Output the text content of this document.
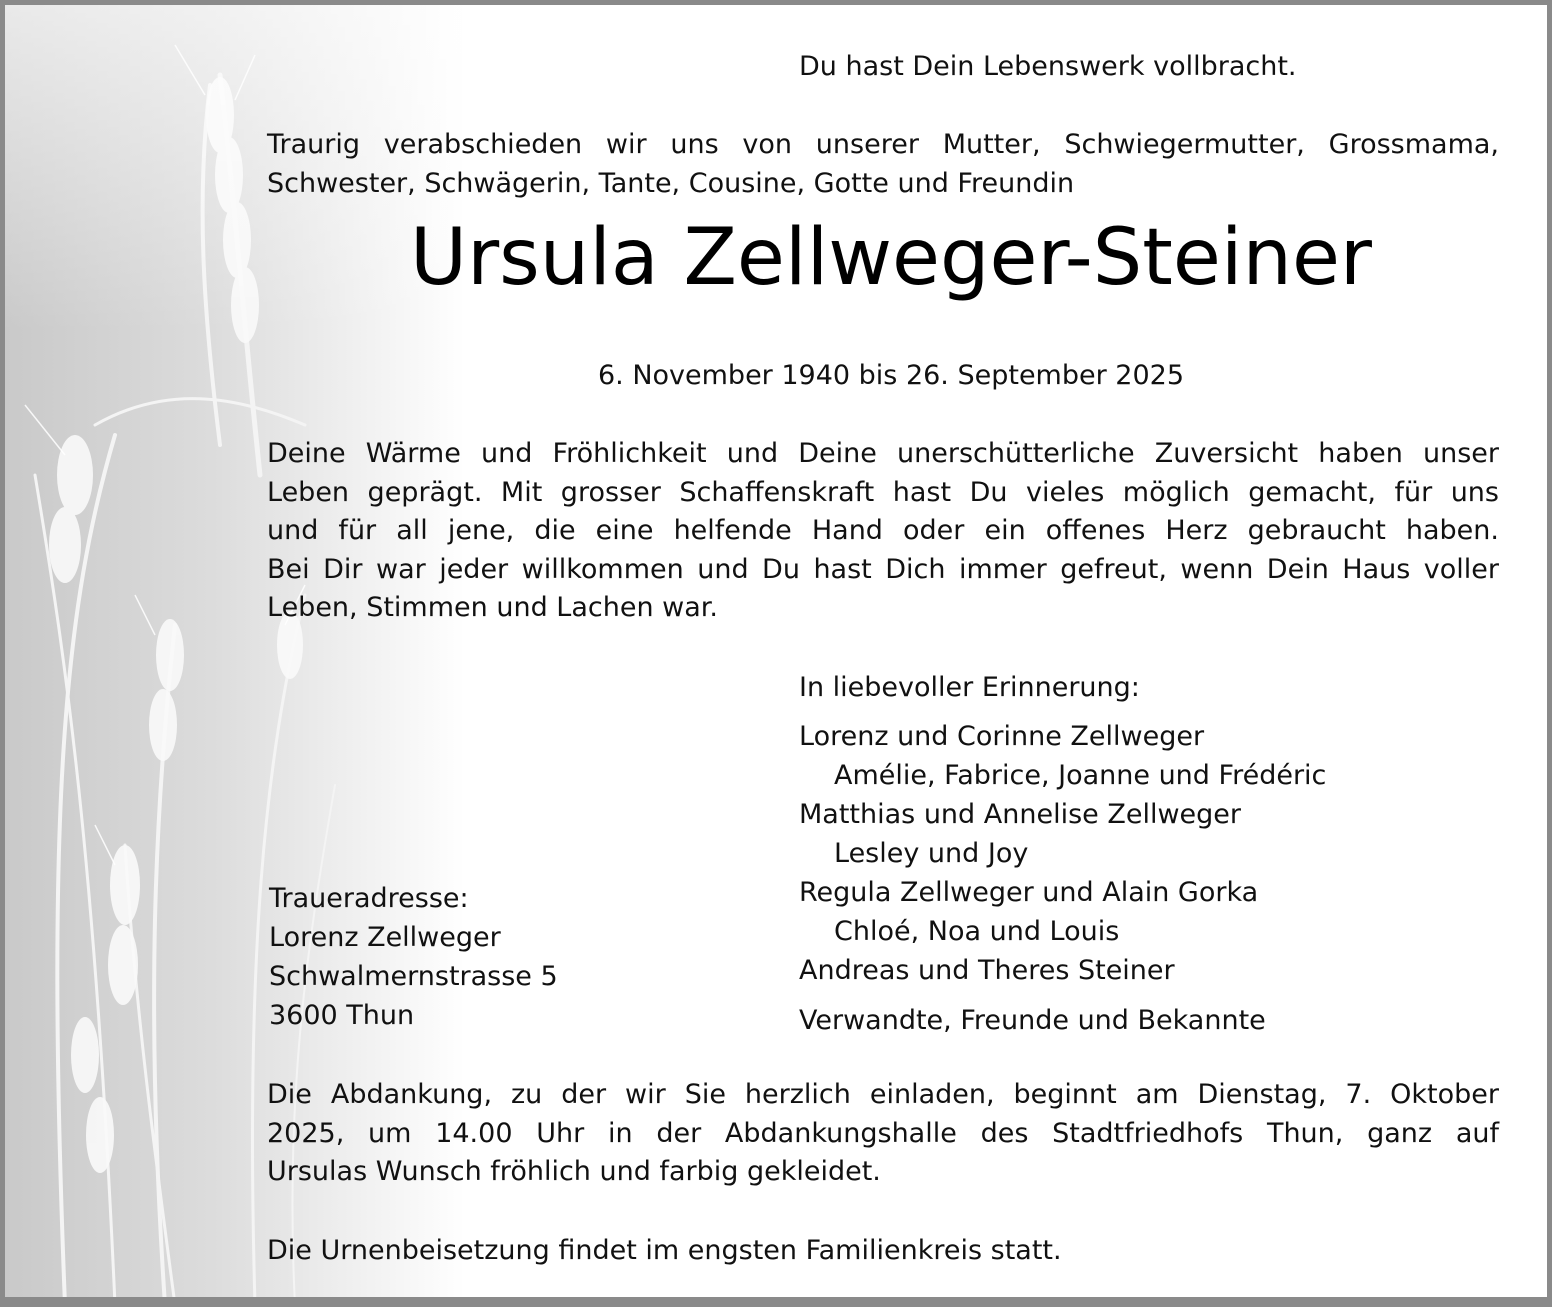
Du hast Dein Lebenswerk vollbracht.

Traurig verabschieden wir uns von unserer Mutter, Schwiegermutter, Grossmama,
Schwester, Schwägerin, Tante, Cousine, Gotte und Freundin
Ursula Zellweger-Steiner

6. November 1940 bis 26. September 2025

Deine Wärme und Fröhlichkeit und Deine unerschütterliche Zuversicht haben unser
Leben geprägt. Mit grosser Schaffenskraft hast Du vieles möglich gemacht, für uns
und für all jene, die eine helfende Hand oder ein offenes Herz gebraucht haben.
Bei Dir war jeder willkommen und Du hast Dich immer gefreut, wenn Dein Haus voller
Leben, Stimmen und Lachen war.

In liebevoller Erinnerung:

Lorenz und Corinne Zellweger

Amélie, Fabrice, Joanne und Frédéric

Matthias und Annelise Zellweger

Lesley und Joy

Regula Zellweger und Alain Gorka

Chloé, Noa und Louis

Andreas und Theres Steiner

Verwandte, Freunde und Bekannte

Traueradresse:

Lorenz Zellweger

Schwalmernstrasse 5

3600 Thun

Die Abdankung, zu der wir Sie herzlich einladen, beginnt am Dienstag, 7. Oktober
2025, um 14.00 Uhr in der Abdankungshalle des Stadtfriedhofs Thun, ganz auf
Ursulas Wunsch fröhlich und farbig gekleidet.

Die Urnenbeisetzung findet im engsten Familienkreis statt.
